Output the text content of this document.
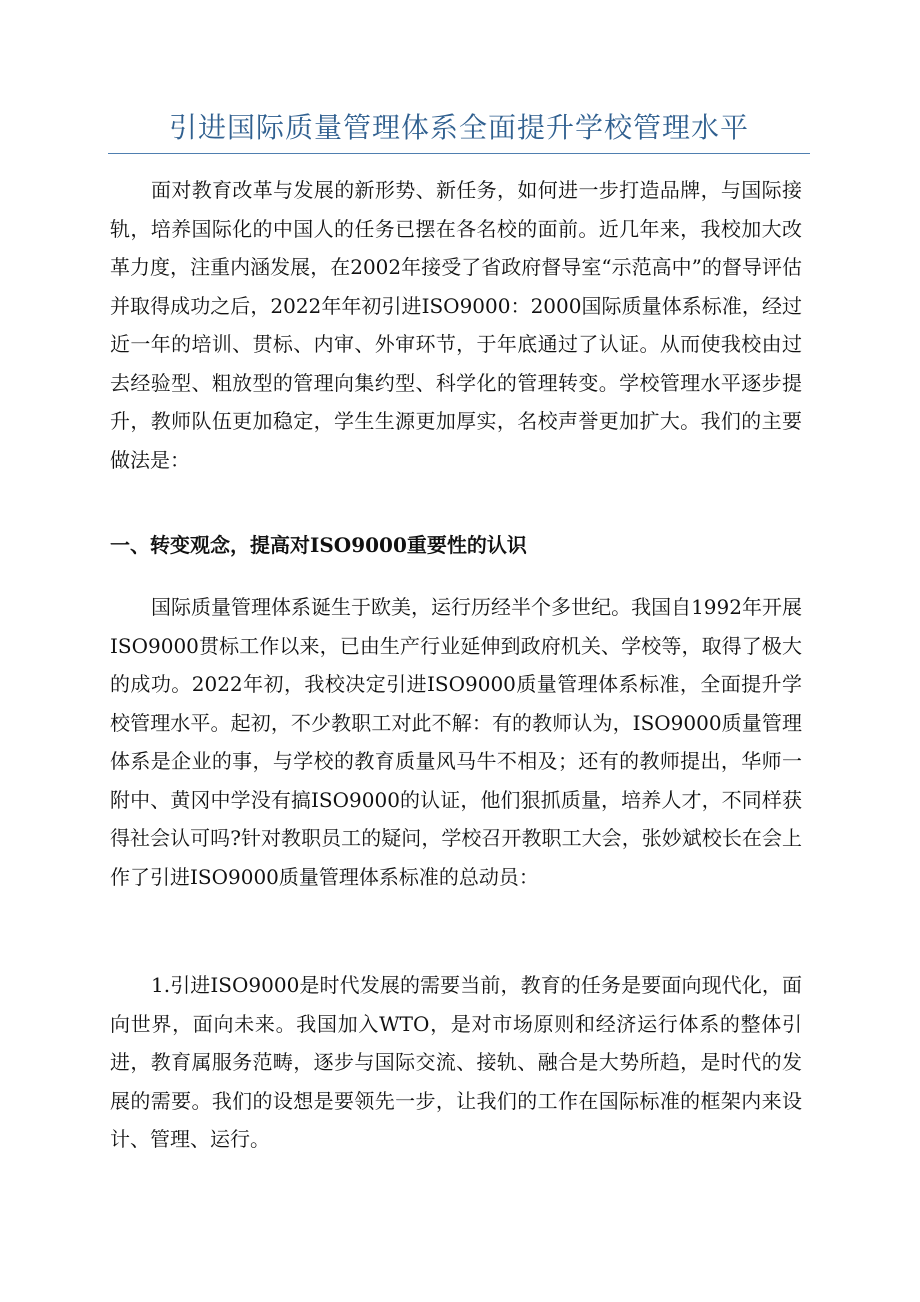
引进国际质量管理体系全面提升学校管理水平

面对教育改革与发展的新形势、新任务，如何进一步打造品牌，与国际接轨，培养国际化的中国人的任务已摆在各名校的面前。近几年来，我校加大改革力度，注重内涵发展，在2002年接受了省政府督导室“示范高中”的督导评估并取得成功之后，2022年年初引进ISO9000：2000国际质量体系标准，经过近一年的培训、贯标、内审、外审环节，于年底通过了认证。从而使我校由过去经验型、粗放型的管理向集约型、科学化的管理转变。学校管理水平逐步提升，教师队伍更加稳定，学生生源更加厚实，名校声誉更加扩大。我们的主要做法是：

一、转变观念，提高对ISO9000重要性的认识

国际质量管理体系诞生于欧美，运行历经半个多世纪。我国自1992年开展ISO9000贯标工作以来，已由生产行业延伸到政府机关、学校等，取得了极大的成功。2022年初，我校决定引进ISO9000质量管理体系标准，全面提升学校管理水平。起初，不少教职工对此不解：有的教师认为，ISO9000质量管理体系是企业的事，与学校的教育质量风马牛不相及；还有的教师提出，华师一附中、黄冈中学没有搞ISO9000的认证，他们狠抓质量，培养人才，不同样获得社会认可吗?针对教职员工的疑问，学校召开教职工大会，张妙斌校长在会上作了引进ISO9000质量管理体系标准的总动员：

1.引进ISO9000是时代发展的需要当前，教育的任务是要面向现代化，面向世界，面向未来。我国加入WTO，是对市场原则和经济运行体系的整体引进，教育属服务范畴，逐步与国际交流、接轨、融合是大势所趋，是时代的发展的需要。我们的设想是要领先一步，让我们的工作在国际标准的框架内来设计、管理、运行。
